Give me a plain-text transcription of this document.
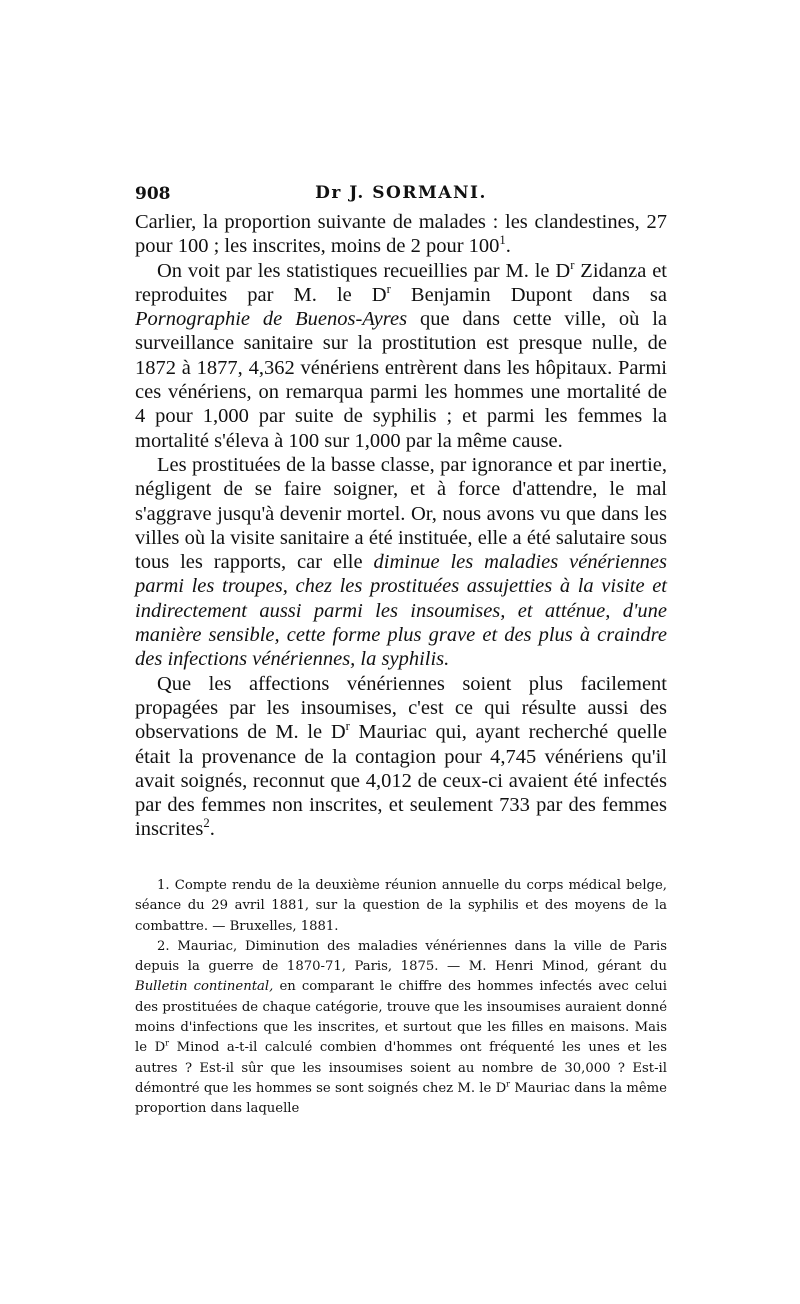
908	Dr J. SORMANI.

Carlier, la proportion suivante de malades : les clandestines, 27 pour 100 ; les inscrites, moins de 2 pour $100^1$.

On voit par les statistiques recueillies par M. le $D^r$ Zidanza et reproduites par M. le $D^r$ Benjamin Dupont dans sa Pornographie de Buenos-Ayres que dans cette ville, où la surveillance sanitaire sur la prostitution est presque nulle, de 1872 à 1877, 4,362 vénériens entrèrent dans les hôpitaux. Parmi ces vénériens, on remarqua parmi les hommes une mortalité de 4 pour 1,000 par suite de syphilis ; et parmi les femmes la mortalité s'éleva à 100 sur 1,000 par la même cause.

Les prostituées de la basse classe, par ignorance et par inertie, négligent de se faire soigner, et à force d'attendre, le mal s'aggrave jusqu'à devenir mortel. Or, nous avons vu que dans les villes où la visite sanitaire a été instituée, elle a été salutaire sous tous les rapports, car elle diminue les maladies vénériennes parmi les troupes, chez les prostituées assujetties à la visite et indirectement aussi parmi les insoumises, et atténue, d'une manière sensible, cette forme plus grave et des plus à craindre des infections vénériennes, la syphilis.

Que les affections vénériennes soient plus facilement propagées par les insoumises, c'est ce qui résulte aussi des observations de M. le $D^r$ Mauriac qui, ayant recherché quelle était la provenance de la contagion pour 4,745 vénériens qu'il avait soignés, reconnut que 4,012 de ceux-ci avaient été infectés par des femmes non inscrites, et seulement 733 par des femmes inscrites$^2$.

1. Compte rendu de la deuxième réunion annuelle du corps médical belge, séance du 29 avril 1881, sur la question de la syphilis et des moyens de la combattre. — Bruxelles, 1881.

2. Mauriac, Diminution des maladies vénériennes dans la ville de Paris depuis la guerre de 1870-71, Paris, 1875. — M. Henri Minod, gérant du Bulletin continental, en comparant le chiffre des hommes infectés avec celui des prostituées de chaque catégorie, trouve que les insoumises auraient donné moins d'infections que les inscrites, et surtout que les filles en maisons. Mais le $D^r$ Minod a-t-il calculé combien d'hommes ont fréquenté les unes et les autres ? Est-il sûr que les insoumises soient au nombre de 30,000 ? Est-il démontré que les hommes se sont soignés chez M. le $D^r$ Mauriac dans la même proportion dans laquelle
